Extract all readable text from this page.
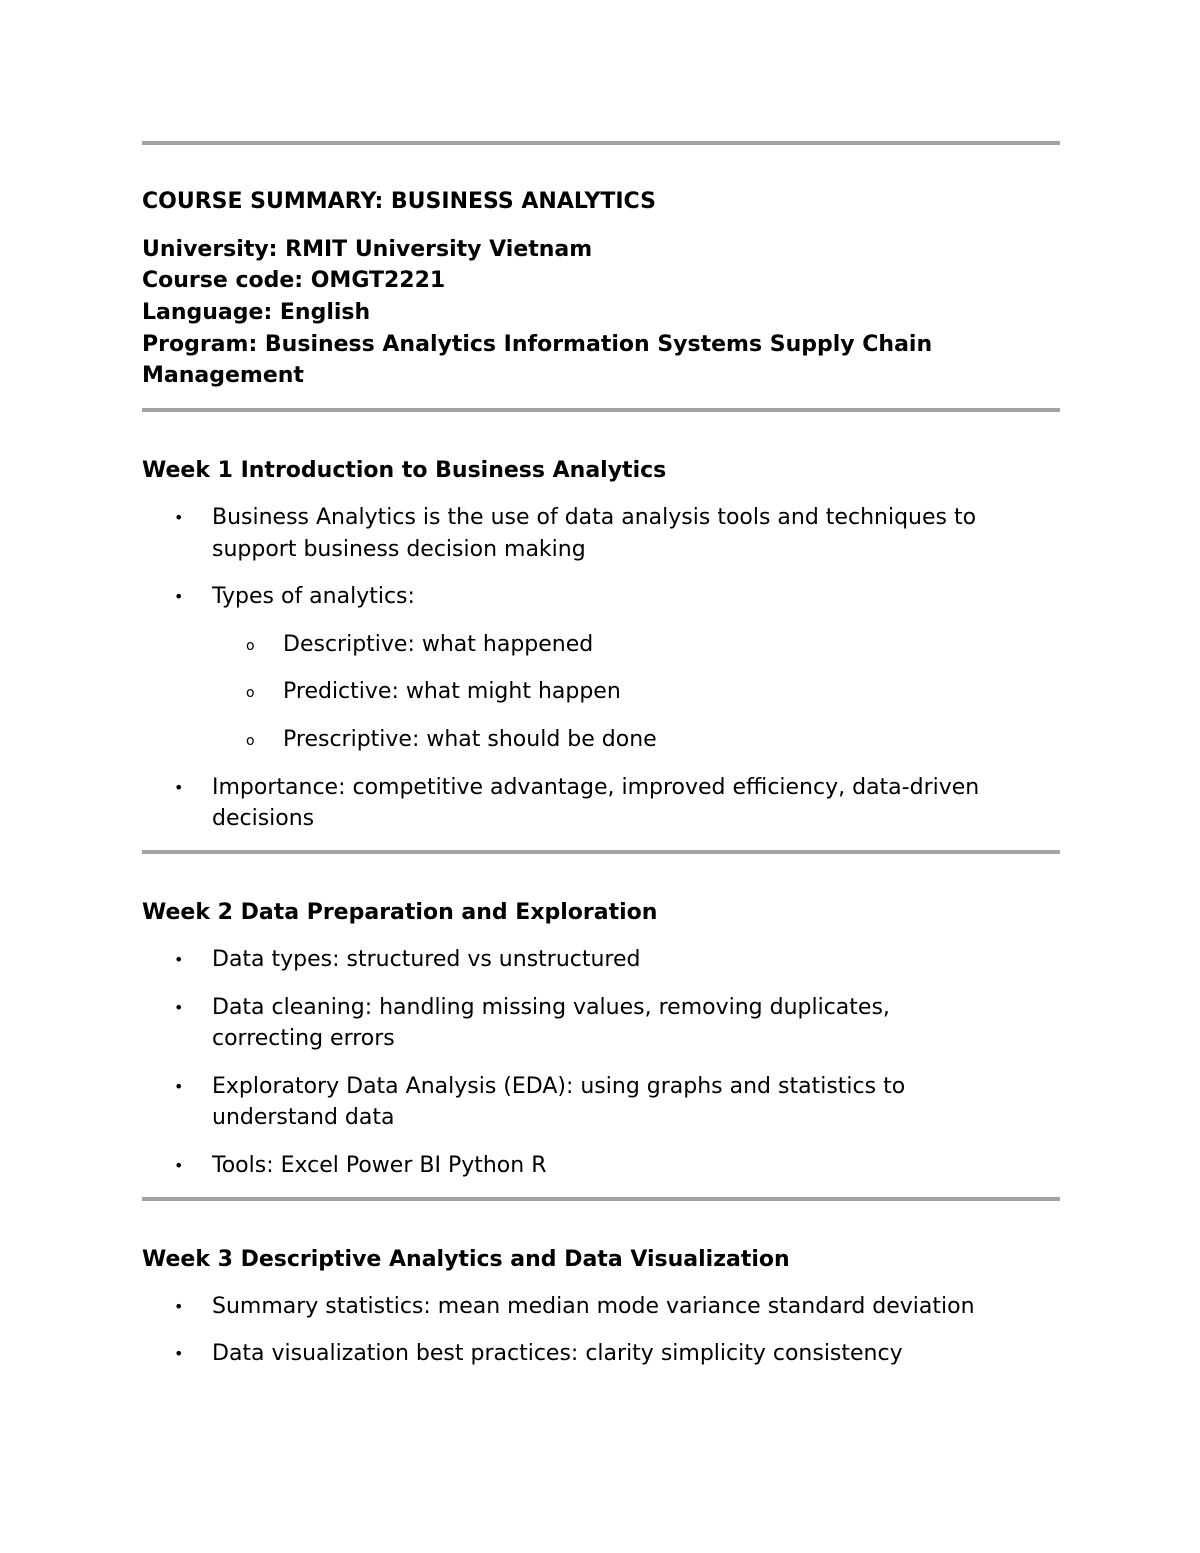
COURSE SUMMARY: BUSINESS ANALYTICS
University: RMIT University Vietnam
Course code: OMGT2221
Language: English
Program: Business Analytics Information Systems Supply Chain
Management
Week 1 Introduction to Business Analytics
• Business Analytics is the use of data analysis tools and techniques to
support business decision making
• Types of analytics:
o Descriptive: what happened
o Predictive: what might happen
o Prescriptive: what should be done
• Importance: competitive advantage, improved efficiency, data-driven
decisions
Week 2 Data Preparation and Exploration
• Data types: structured vs unstructured
• Data cleaning: handling missing values, removing duplicates,
correcting errors
• Exploratory Data Analysis (EDA): using graphs and statistics to
understand data
• Tools: Excel Power BI Python R
Week 3 Descriptive Analytics and Data Visualization
• Summary statistics: mean median mode variance standard deviation
• Data visualization best practices: clarity simplicity consistency
